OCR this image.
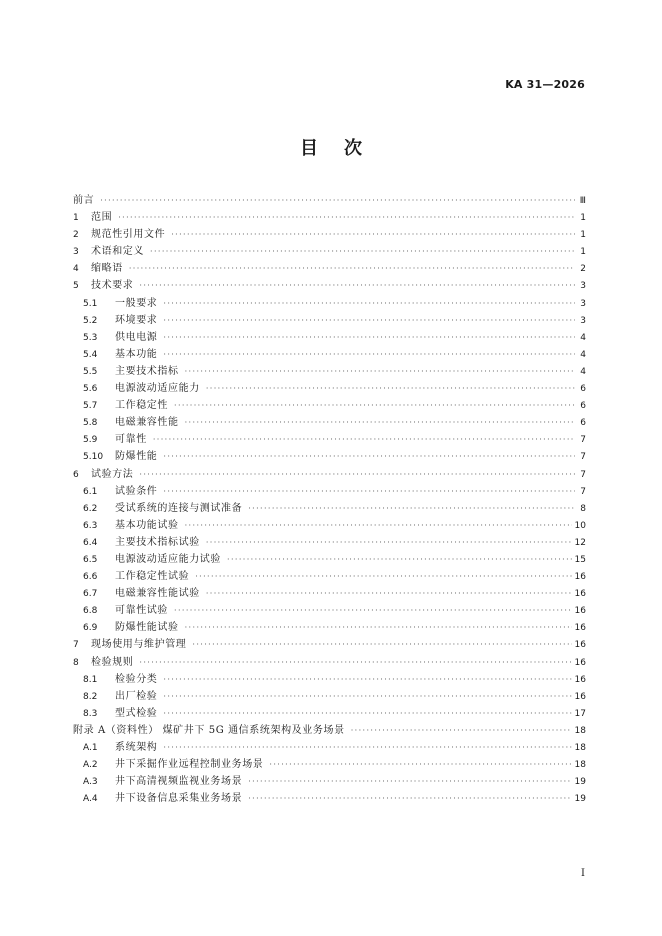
KA 31—2026
目次
前言 ·····	Ⅲ
1	范围 ·····	1
2	规范性引用文件 ·····	1
3	术语和定义 ·····	1
4	缩略语 ·····	2
5	技术要求 ·····	3
5.1	一般要求 ·····	3
5.2	环境要求 ·····	3
5.3	供电电源 ·····	4
5.4	基本功能 ·····	4
5.5	主要技术指标 ·····	4
5.6	电源波动适应能力 ·····	6
5.7	工作稳定性 ·····	6
5.8	电磁兼容性能 ·····	6
5.9	可靠性 ·····	7
5.10	防爆性能 ·····	7
6	试验方法 ·····	7
6.1	试验条件 ·····	7
6.2	受试系统的连接与测试准备 ·····	8
6.3	基本功能试验 ·····	10
6.4	主要技术指标试验 ·····	12
6.5	电源波动适应能力试验 ·····	15
6.6	工作稳定性试验 ·····	16
6.7	电磁兼容性能试验 ·····	16
6.8	可靠性试验 ·····	16
6.9	防爆性能试验 ·····	16
7	现场使用与维护管理 ·····	16
8	检验规则 ·····	16
8.1	检验分类 ·····	16
8.2	出厂检验 ·····	16
8.3	型式检验 ·····	17
附录 A（资料性） 煤矿井下 5G 通信系统架构及业务场景 ·····	18
A.1	系统架构 ·····	18
A.2	井下采掘作业远程控制业务场景 ·····	18
A.3	井下高清视频监视业务场景 ·····	19
A.4	井下设备信息采集业务场景 ·····	19
I
